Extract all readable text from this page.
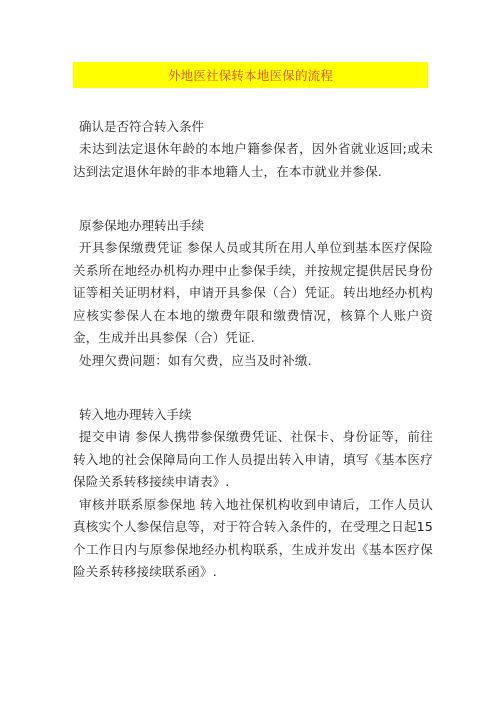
外地医社保转本地医保的流程

确认是否符合转入条件

未达到法定退休年龄的本地户籍参保者，因外省就业返回;或未达到法定退休年龄的非本地籍人士，在本市就业并参保.

原参保地办理转出手续

开具参保缴费凭证 参保人员或其所在用人单位到基本医疗保险关系所在地经办机构办理中止参保手续，并按规定提供居民身份证等相关证明材料，申请开具参保（合）凭证。转出地经办机构应核实参保人在本地的缴费年限和缴费情况，核算个人账户资金，生成并出具参保（合）凭证.

处理欠费问题：如有欠费，应当及时补缴.

转入地办理转入手续

提交申请 参保人携带参保缴费凭证、社保卡、身份证等，前往转入地的社会保障局向工作人员提出转入申请，填写《基本医疗保险关系转移接续申请表》.

审核并联系原参保地 转入地社保机构收到申请后，工作人员认真核实个人参保信息等，对于符合转入条件的，在受理之日起15个工作日内与原参保地经办机构联系，生成并发出《基本医疗保险关系转移接续联系函》.
